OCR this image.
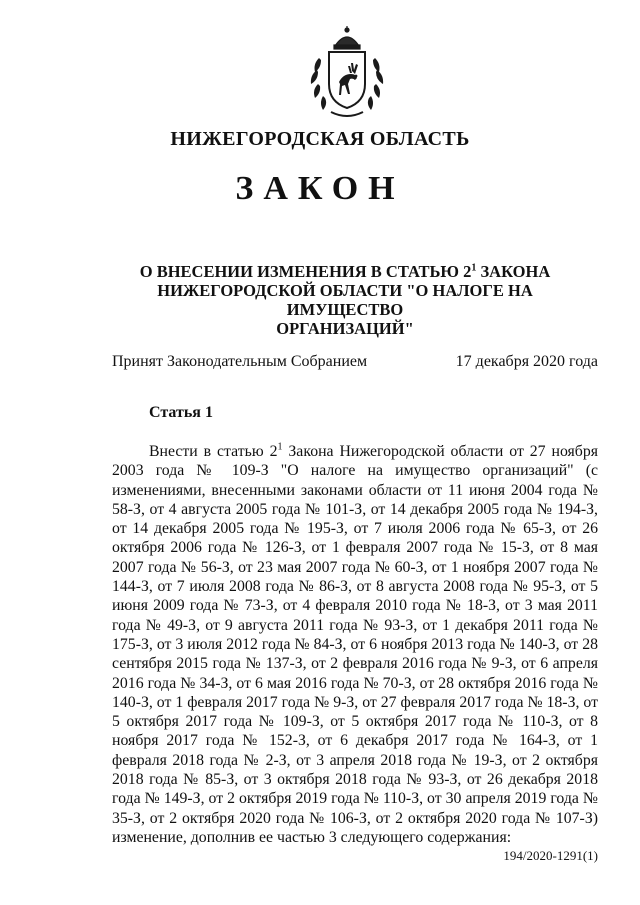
НИЖЕГОРОДСКАЯ ОБЛАСТЬ
ЗАКОН
О ВНЕСЕНИИ ИЗМЕНЕНИЯ В СТАТЬЮ $2^1$ ЗАКОНА
НИЖЕГОРОДСКОЙ ОБЛАСТИ "О НАЛОГЕ НА ИМУЩЕСТВО
ОРГАНИЗАЦИЙ"
Принят Законодательным Собранием	17 декабря 2020 года
Статья 1
Внести в статью $2^1$ Закона Нижегородской области от 27 ноября 2003 года № 109-З "О налоге на имущество организаций" (с изменениями, внесенными законами области от 11 июня 2004 года № 58-З, от 4 августа 2005 года № 101-З, от 14 декабря 2005 года № 194-З, от 14 декабря 2005 года № 195-З, от 7 июля 2006 года № 65-З, от 26 октября 2006 года № 126-З, от 1 февраля 2007 года № 15-З, от 8 мая 2007 года № 56-З, от 23 мая 2007 года № 60-З, от 1 ноября 2007 года № 144-З, от 7 июля 2008 года № 86-З, от 8 августа 2008 года № 95-З, от 5 июня 2009 года № 73-З, от 4 февраля 2010 года № 18-З, от 3 мая 2011 года № 49-З, от 9 августа 2011 года № 93-З, от 1 декабря 2011 года № 175-З, от 3 июля 2012 года № 84-З, от 6 ноября 2013 года № 140-З, от 28 сентября 2015 года № 137-З, от 2 февраля 2016 года № 9-З, от 6 апреля 2016 года № 34-З, от 6 мая 2016 года № 70-З, от 28 октября 2016 года № 140-З, от 1 февраля 2017 года № 9-З, от 27 февраля 2017 года № 18-З, от 5 октября 2017 года № 109-З, от 5 октября 2017 года № 110-З, от 8 ноября 2017 года № 152-З, от 6 декабря 2017 года № 164-З, от 1 февраля 2018 года № 2-З, от 3 апреля 2018 года № 19-З, от 2 октября 2018 года № 85-З, от 3 октября 2018 года № 93-З, от 26 декабря 2018 года № 149-З, от 2 октября 2019 года № 110-З, от 30 апреля 2019 года № 35-З, от 2 октября 2020 года № 106-З, от 2 октября 2020 года № 107-З) изменение, дополнив ее частью 3 следующего содержания:
194/2020-1291(1)
